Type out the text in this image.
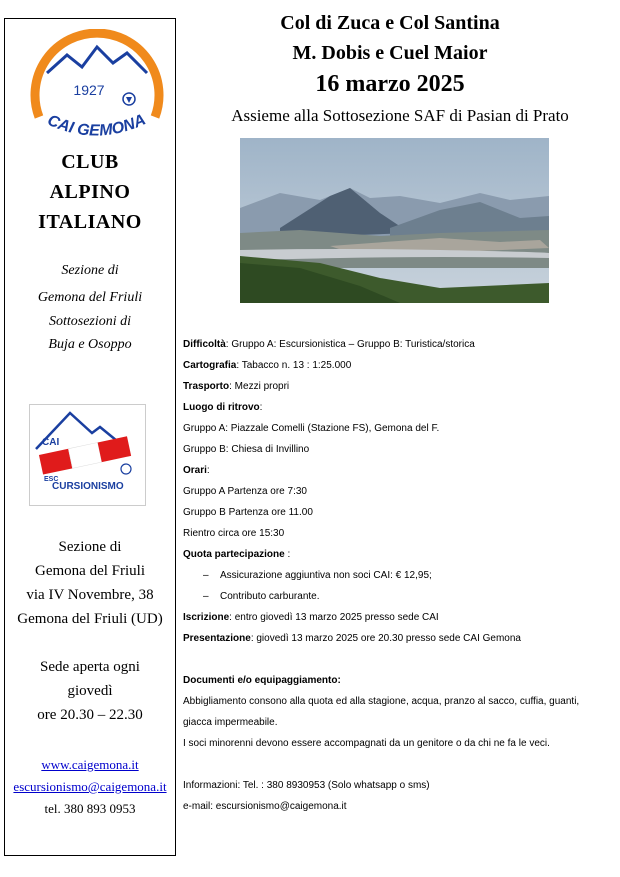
1927
CAI GEMONA
CLUB
ALPINO
ITALIANO
Sezione di
Gemona del Friuli
Sottosezioni di
Buja e Osoppo
CAI
ESC
CURSIONISMO
Sezione di
Gemona del Friuli
via IV Novembre, 38
Gemona del Friuli (UD)
Sede aperta ogni
giovedì
ore 20.30 – 22.30
www.caigemona.it
escursionismo@caigemona.it
tel. 380 893 0953
Col di Zuca e Col Santina
M. Dobis e Cuel Maior
16 marzo 2025
Assieme alla Sottosezione SAF di Pasian di Prato
Difficoltà: Gruppo A: Escursionistica – Gruppo B: Turistica/storica
Cartografia: Tabacco n. 13 : 1:25.000
Trasporto: Mezzi propri
Luogo di ritrovo:
Gruppo A: Piazzale Comelli (Stazione FS), Gemona del F.
Gruppo B: Chiesa di Invillino
Orari:
Gruppo A Partenza ore 7:30
Gruppo B Partenza ore 11.00
Rientro circa ore 15:30
Quota partecipazione :
– Assicurazione aggiuntiva non soci CAI: € 12,95;
– Contributo carburante.
Iscrizione: entro giovedì 13 marzo 2025 presso sede CAI
Presentazione: giovedì 13 marzo 2025 ore 20.30 presso sede CAI Gemona
Documenti e/o equipaggiamento:
Abbigliamento consono alla quota ed alla stagione, acqua, pranzo al sacco, cuffia, guanti,
giacca impermeabile.
I soci minorenni devono essere accompagnati da un genitore o da chi ne fa le veci.
Informazioni: Tel. : 380 8930953 (Solo whatsapp o sms)
e-mail: escursionismo@caigemona.it
